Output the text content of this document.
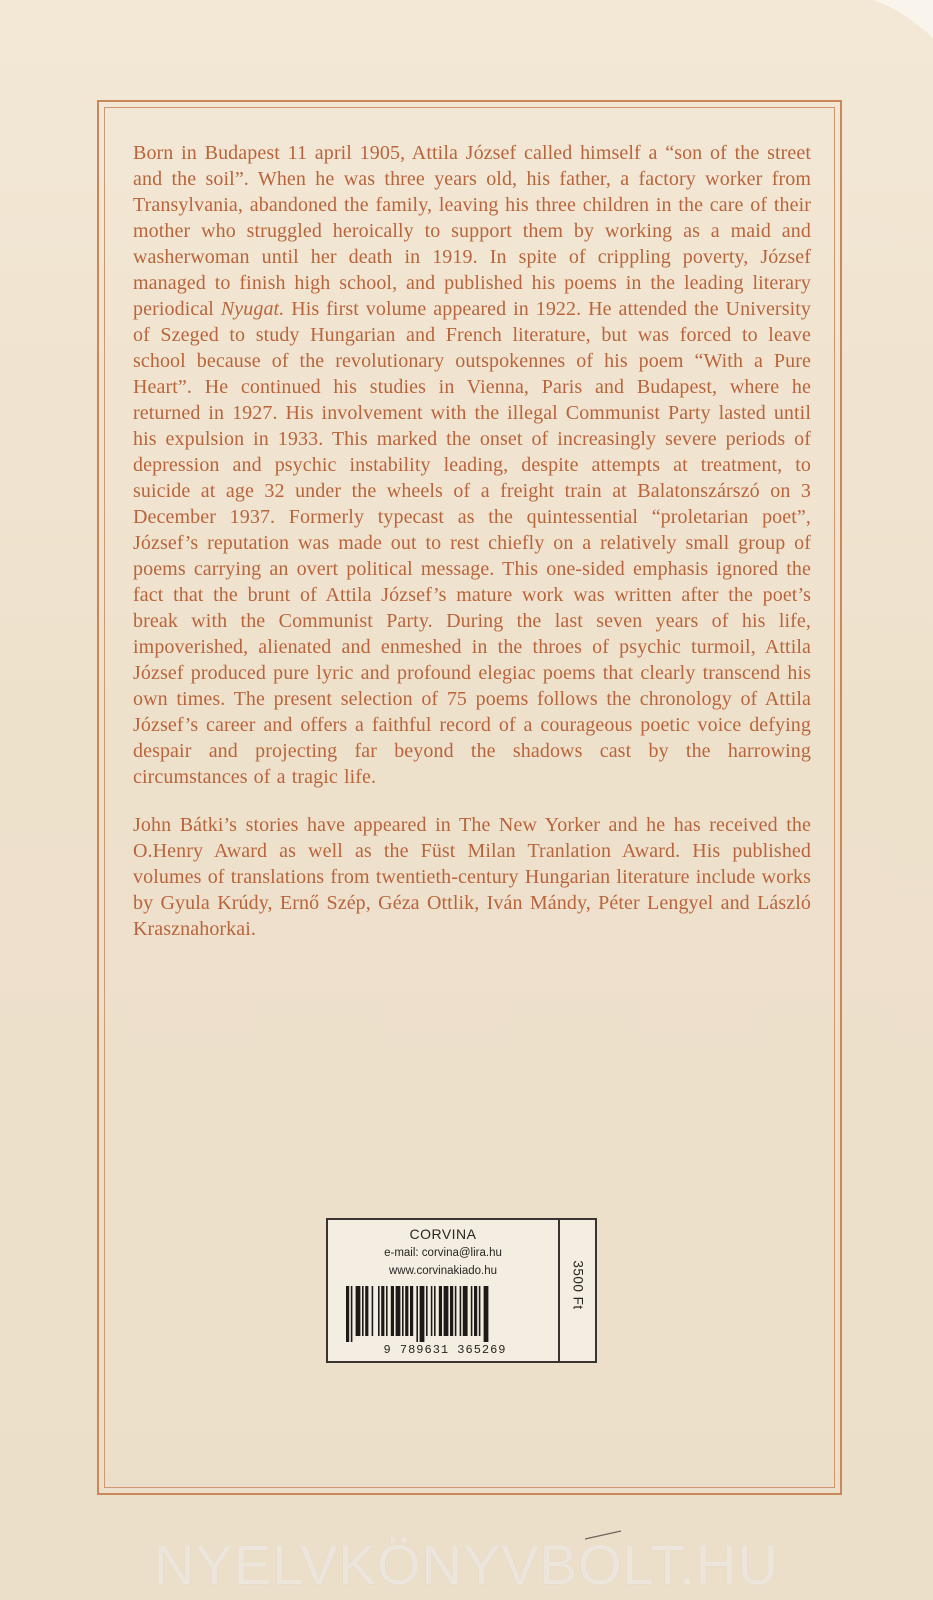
Born in Budapest 11 april 1905, Attila József called himself a “son of the street and the soil”. When he was three years old, his father, a factory worker from Transylvania, abandoned the family, leaving his three children in the care of their mother who struggled heroically to support them by working as a maid and washerwoman until her death in 1919. In spite of crippling poverty, József managed to finish high school, and published his poems in the leading literary periodical Nyugat. His first volume appeared in 1922. He attended the University of Szeged to study Hungarian and French literature, but was forced to leave school because of the revolutionary outspokennes of his poem “With a Pure Heart”. He continued his studies in Vienna, Paris and Budapest, where he returned in 1927. His involvement with the illegal Communist Party lasted until his expulsion in 1933. This marked the onset of increasingly severe periods of depression and psychic instability leading, despite attempts at treatment, to suicide at age 32 under the wheels of a freight train at Balatonszárszó on 3 December 1937. Formerly typecast as the quintessential “proletarian poet”, József’s reputation was made out to rest chiefly on a relatively small group of poems carrying an overt political message. This one-sided emphasis ignored the fact that the brunt of Attila József’s mature work was written after the poet’s break with the Communist Party. During the last seven years of his life, impoverished, alienated and enmeshed in the throes of psychic turmoil, Attila József produced pure lyric and profound elegiac poems that clearly transcend his own times. The present selection of 75 poems follows the chronology of Attila József’s career and offers a faithful record of a courageous poetic voice defying despair and projecting far beyond the shadows cast by the harrowing circumstances of a tragic life.

John Bátki’s stories have appeared in The New Yorker and he has received the O.Henry Award as well as the Füst Milan Tranlation Award. His published volumes of translations from twentieth-century Hungarian literature include works by Gyula Krúdy, Ernő Szép, Géza Ottlik, Iván Mándy, Péter Lengyel and László Krasznahorkai.

CORVINA
e-mail: corvina@lira.hu
www.corvinakiado.hu
9 789631 365269
3500 Ft
NYELVKÖNYVBOLT.HU
